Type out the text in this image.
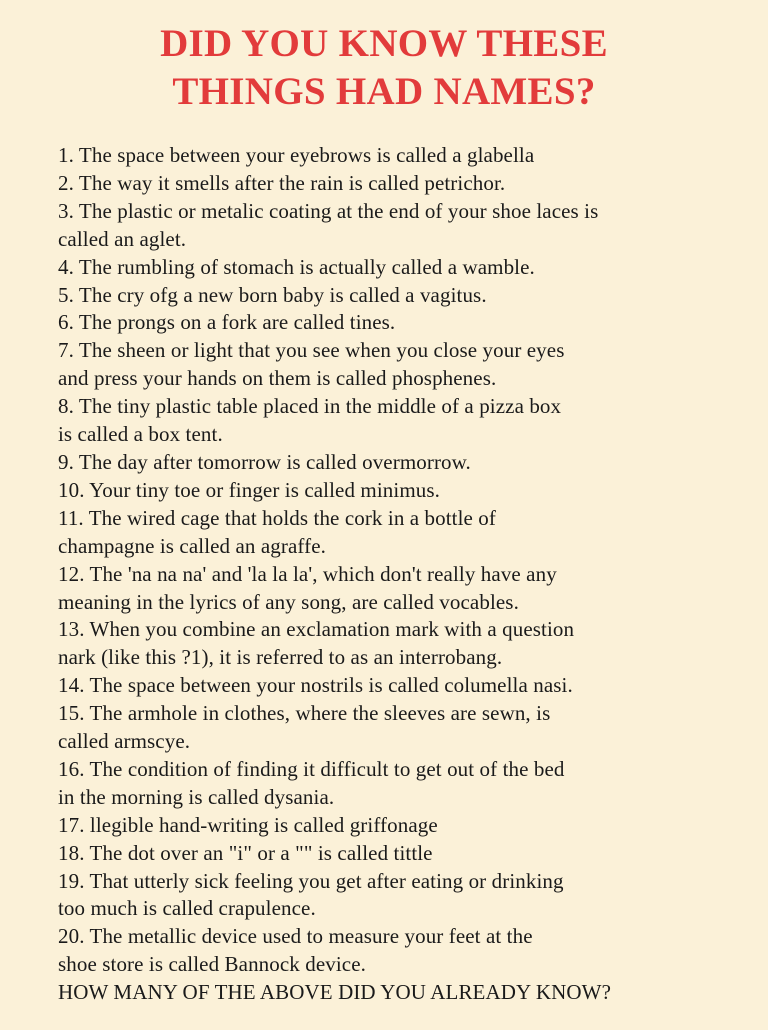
DID YOU KNOW THESE
THINGS HAD NAMES?
1. The space between your eyebrows is called a glabella
2. The way it smells after the rain is called petrichor.
3. The plastic or metalic coating at the end of your shoe laces is
called an aglet.
4. The rumbling of stomach is actually called a wamble.
5. The cry ofg a new born baby is called a vagitus.
6. The prongs on a fork are called tines.
7. The sheen or light that you see when you close your eyes
and press your hands on them is called phosphenes.
8. The tiny plastic table placed in the middle of a pizza box
is called a box tent.
9. The day after tomorrow is called overmorrow.
10. Your tiny toe or finger is called minimus.
11. The wired cage that holds the cork in a bottle of
champagne is called an agraffe.
12. The 'na na na' and 'la la la', which don't really have any
meaning in the lyrics of any song, are called vocables.
13. When you combine an exclamation mark with a question
nark (like this ?1), it is referred to as an interrobang.
14. The space between your nostrils is called columella nasi.
15. The armhole in clothes, where the sleeves are sewn, is
called armscye.
16. The condition of finding it difficult to get out of the bed
in the morning is called dysania.
17. llegible hand-writing is called griffonage
18. The dot over an "i" or a "" is called tittle
19. That utterly sick feeling you get after eating or drinking
too much is called crapulence.
20. The metallic device used to measure your feet at the
shoe store is called Bannock device.
HOW MANY OF THE ABOVE DID YOU ALREADY KNOW?
